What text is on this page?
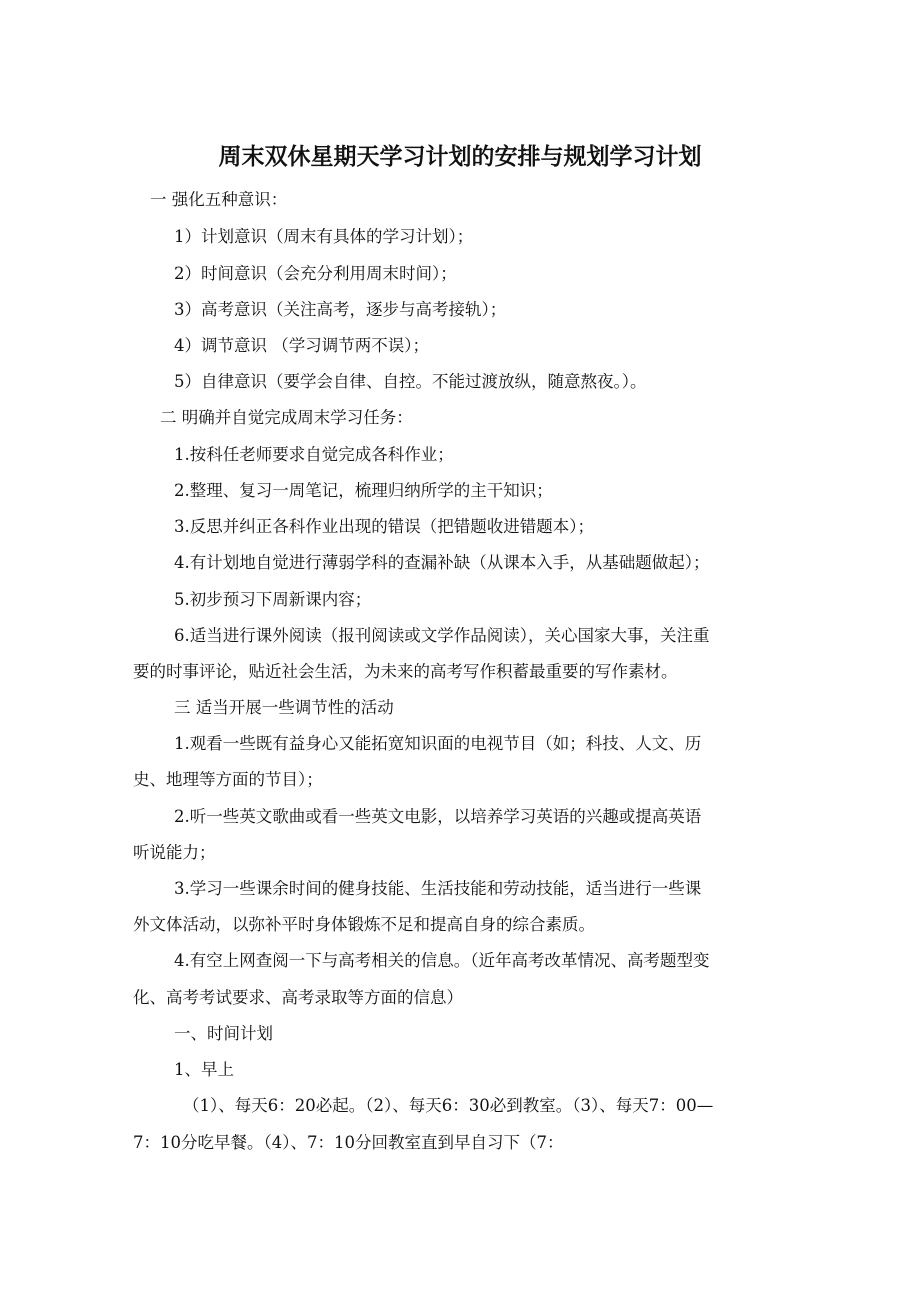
周末双休星期天学习计划的安排与规划学习计划
一 强化五种意识：
1）计划意识（周末有具体的学习计划）；
2）时间意识（会充分利用周末时间）；
3）高考意识（关注高考，逐步与高考接轨）；
4）调节意识 （学习调节两不误）；
5）自律意识（要学会自律、自控。不能过渡放纵，随意熬夜。）。
二 明确并自觉完成周末学习任务：
1.按科任老师要求自觉完成各科作业；
2.整理、复习一周笔记，梳理归纳所学的主干知识；
3.反思并纠正各科作业出现的错误（把错题收进错题本）；
4.有计划地自觉进行薄弱学科的查漏补缺（从课本入手，从基础题做起）；
5.初步预习下周新课内容；
6.适当进行课外阅读（报刊阅读或文学作品阅读），关心国家大事，关注重
要的时事评论，贴近社会生活，为未来的高考写作积蓄最重要的写作素材。
三 适当开展一些调节性的活动
1.观看一些既有益身心又能拓宽知识面的电视节目（如；科技、人文、历
史、地理等方面的节目）；
2.听一些英文歌曲或看一些英文电影，以培养学习英语的兴趣或提高英语
听说能力；
3.学习一些课余时间的健身技能、生活技能和劳动技能，适当进行一些课
外文体活动，以弥补平时身体锻炼不足和提高自身的综合素质。
4.有空上网查阅一下与高考相关的信息。（近年高考改革情况、高考题型变
化、高考考试要求、高考录取等方面的信息）
一、时间计划
1、早上
（1）、每天6：20必起。（2）、每天6：30必到教室。（3）、每天7：00—
7：10分吃早餐。（4）、7：10分回教室直到早自习下（7：
